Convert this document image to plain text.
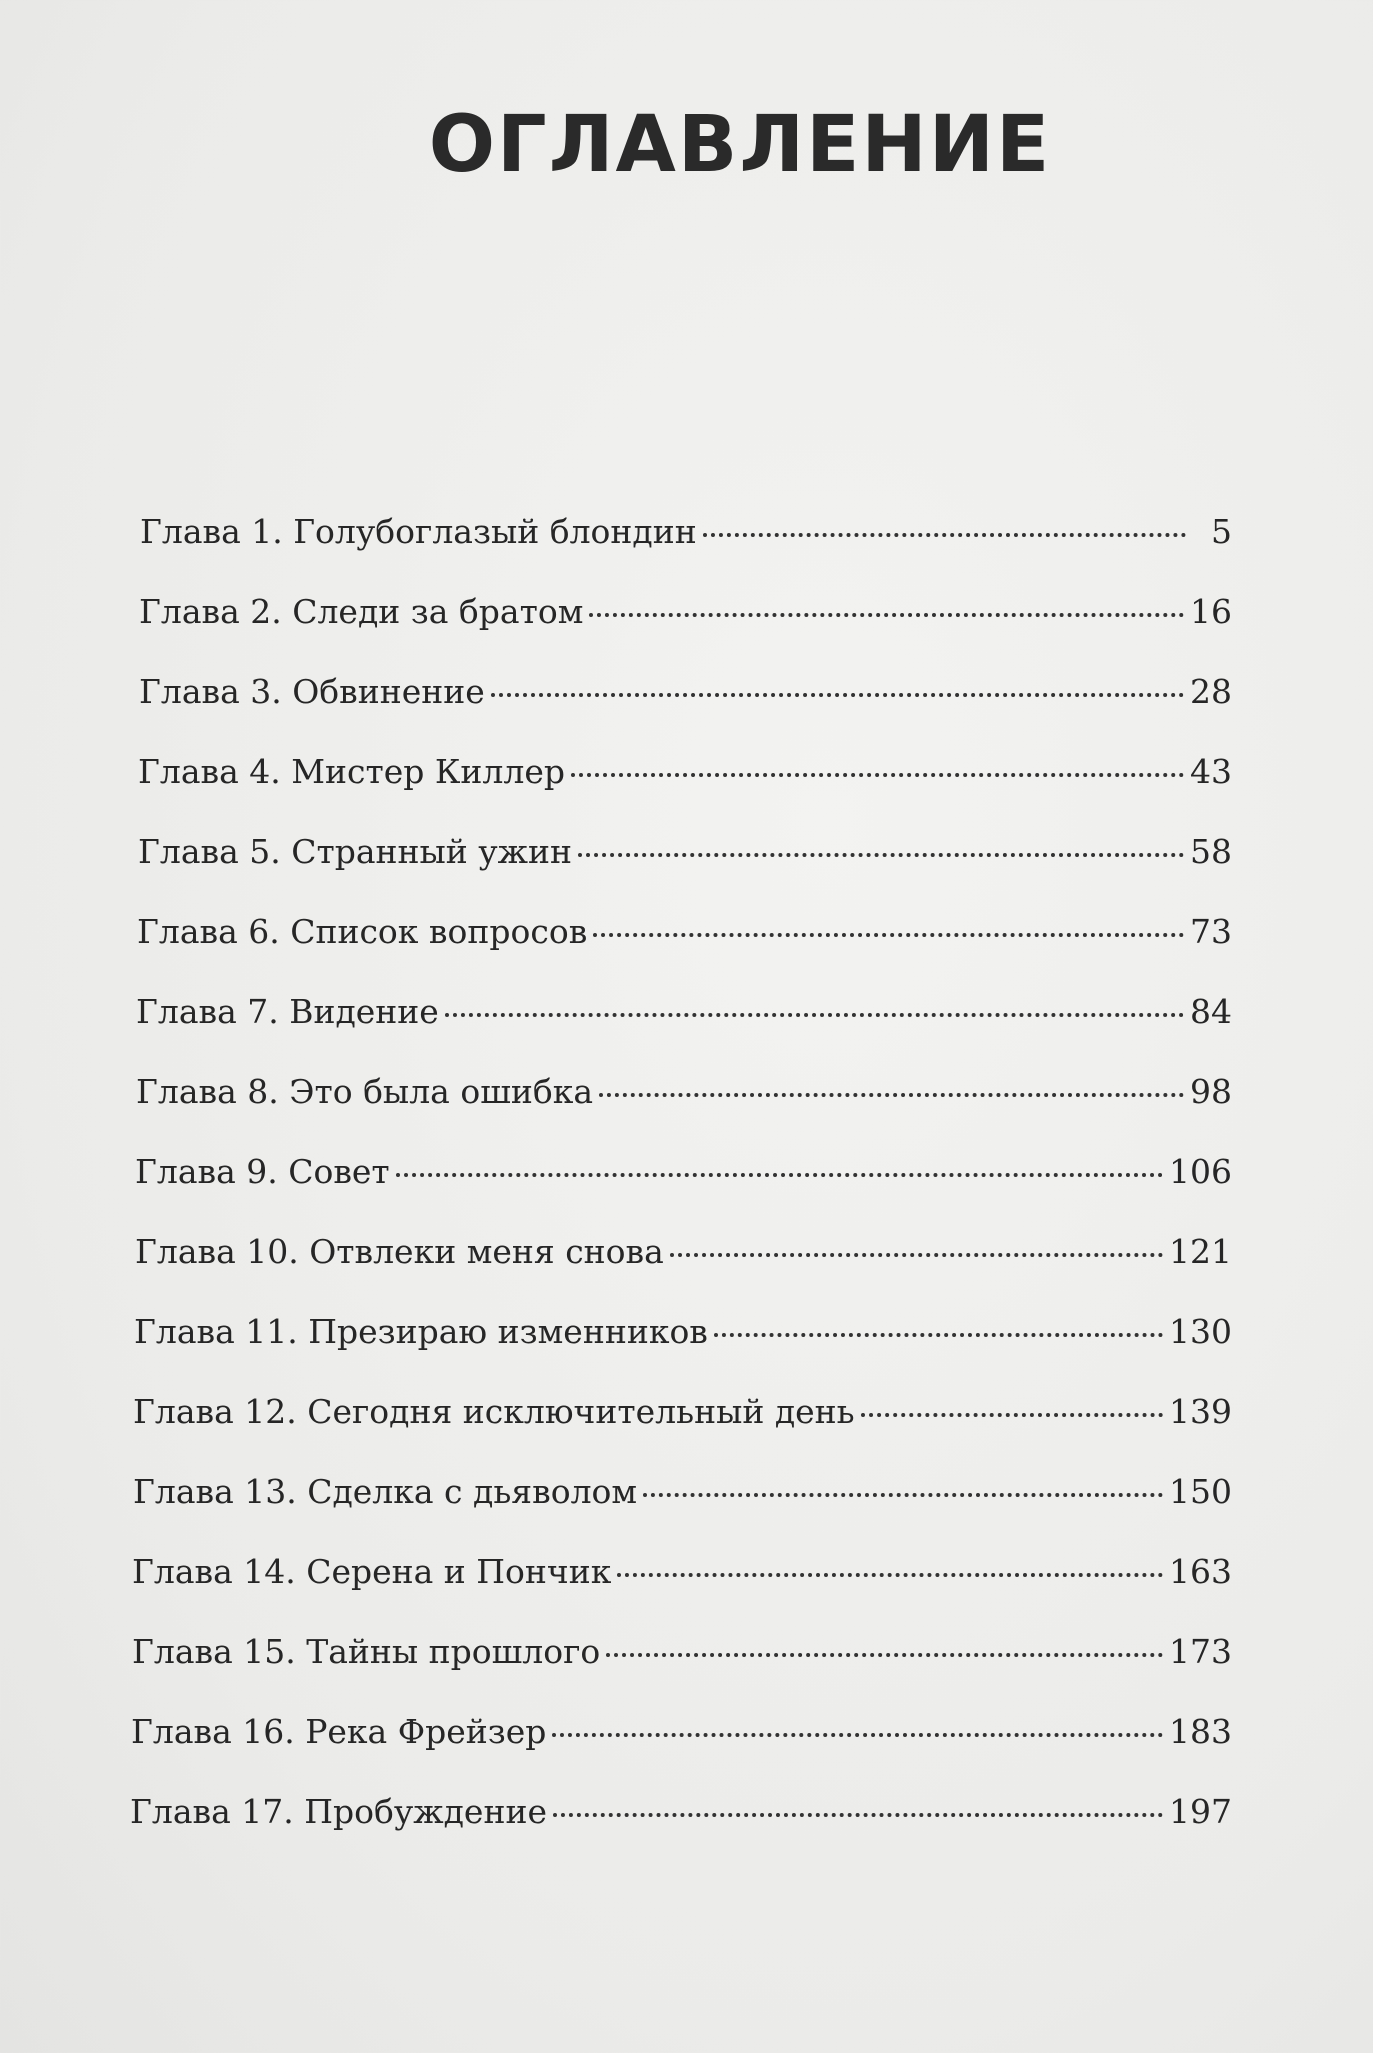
ОГЛАВЛЕНИЕ
Глава 1. Голубоглазый блондин	5
Глава 2. Следи за братом	16
Глава 3. Обвинение	28
Глава 4. Мистер Киллер	43
Глава 5. Странный ужин	58
Глава 6. Список вопросов	73
Глава 7. Видение	84
Глава 8. Это была ошибка	98
Глава 9. Совет	106
Глава 10. Отвлеки меня снова	121
Глава 11. Презираю изменников	130
Глава 12. Сегодня исключительный день	139
Глава 13. Сделка с дьяволом	150
Глава 14. Серена и Пончик	163
Глава 15. Тайны прошлого	173
Глава 16. Река Фрейзер	183
Глава 17. Пробуждение	197
